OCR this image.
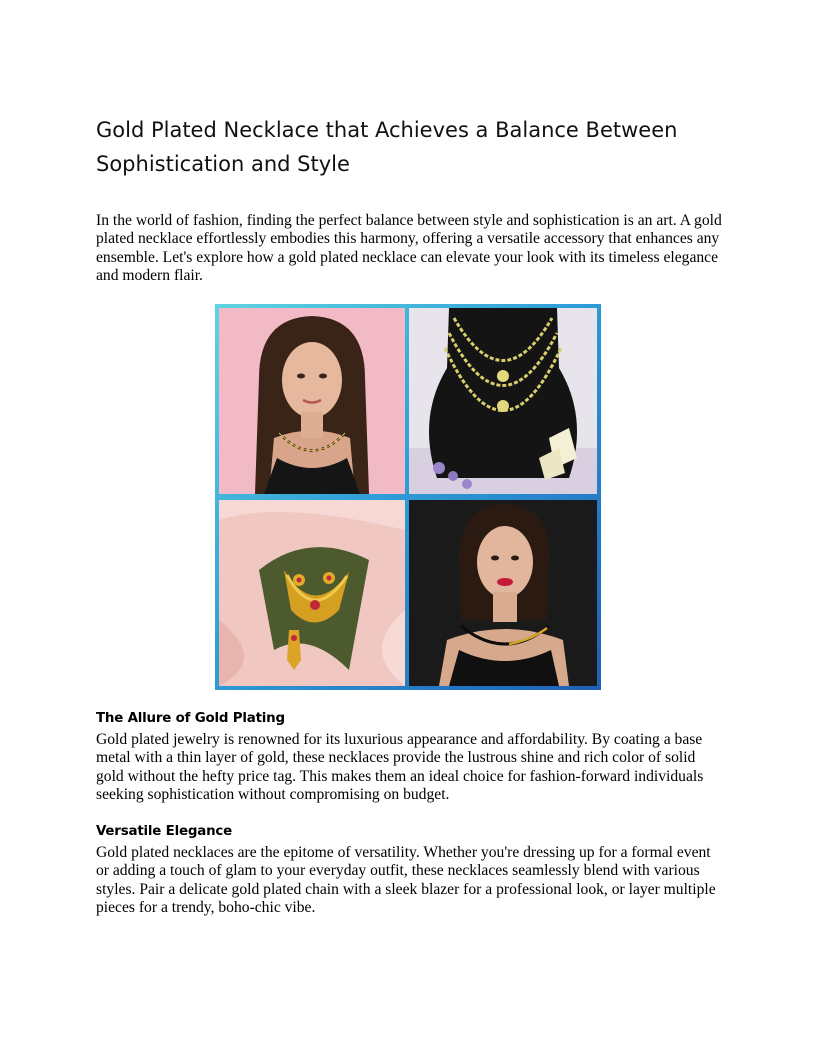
Gold Plated Necklace that Achieves a Balance Between Sophistication and Style

In the world of fashion, finding the perfect balance between style and sophistication is an art. A gold plated necklace effortlessly embodies this harmony, offering a versatile accessory that enhances any ensemble. Let's explore how a gold plated necklace can elevate your look with its timeless elegance and modern flair.

The Allure of Gold Plating

Gold plated jewelry is renowned for its luxurious appearance and affordability. By coating a base metal with a thin layer of gold, these necklaces provide the lustrous shine and rich color of solid gold without the hefty price tag. This makes them an ideal choice for fashion-forward individuals seeking sophistication without compromising on budget.

Versatile Elegance

Gold plated necklaces are the epitome of versatility. Whether you're dressing up for a formal event or adding a touch of glam to your everyday outfit, these necklaces seamlessly blend with various styles. Pair a delicate gold plated chain with a sleek blazer for a professional look, or layer multiple pieces for a trendy, boho-chic vibe.
